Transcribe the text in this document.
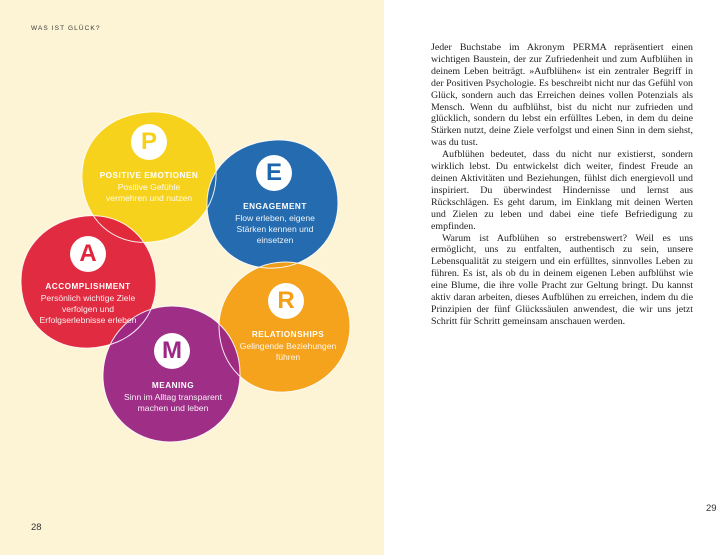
WAS IST GLÜCK?
P
POSITIVE EMOTIONEN
Positive Gefühle vermehren und nutzen
E
ENGAGEMENT
Flow erleben, eigene Stärken kennen und einsetzen
A
ACCOMPLISHMENT
Persönlich wichtige Ziele verfolgen und Erfolgserlebnisse erleben
R
RELATIONSHIPS
Gelingende Beziehungen führen
M
MEANING
Sinn im Alltag transparent machen und leben

Jeder Buchstabe im Akronym PERMA repräsentiert einen wichtigen Baustein, der zur Zufriedenheit und zum Aufblühen in deinem Leben beiträgt. »Aufblühen« ist ein zentraler Begriff in der Positiven Psychologie. Es beschreibt nicht nur das Gefühl von Glück, sondern auch das Erreichen deines vollen Potenzials als Mensch. Wenn du aufblühst, bist du nicht nur zufrieden und glücklich, sondern du lebst ein erfülltes Leben, in dem du deine Stärken nutzt, deine Ziele verfolgst und einen Sinn in dem siehst, was du tust.

Aufblühen bedeutet, dass du nicht nur existierst, sondern wirklich lebst. Du entwickelst dich weiter, findest Freude an deinen Aktivitäten und Beziehungen, fühlst dich energievoll und inspiriert. Du überwindest Hindernisse und lernst aus Rückschlägen. Es geht darum, im Einklang mit deinen Werten und Zielen zu leben und dabei eine tiefe Befriedigung zu empfinden.

Warum ist Aufblühen so erstrebenswert? Weil es uns ermöglicht, uns zu entfalten, authentisch zu sein, unsere Lebensqualität zu steigern und ein erfülltes, sinnvolles Leben zu führen. Es ist, als ob du in deinem eigenen Leben aufblühst wie eine Blume, die ihre volle Pracht zur Geltung bringt. Du kannst aktiv daran arbeiten, dieses Aufblühen zu erreichen, indem du die Prinzipien der fünf Glückssäulen anwendest, die wir uns jetzt Schritt für Schritt gemeinsam anschauen werden.

28
29
